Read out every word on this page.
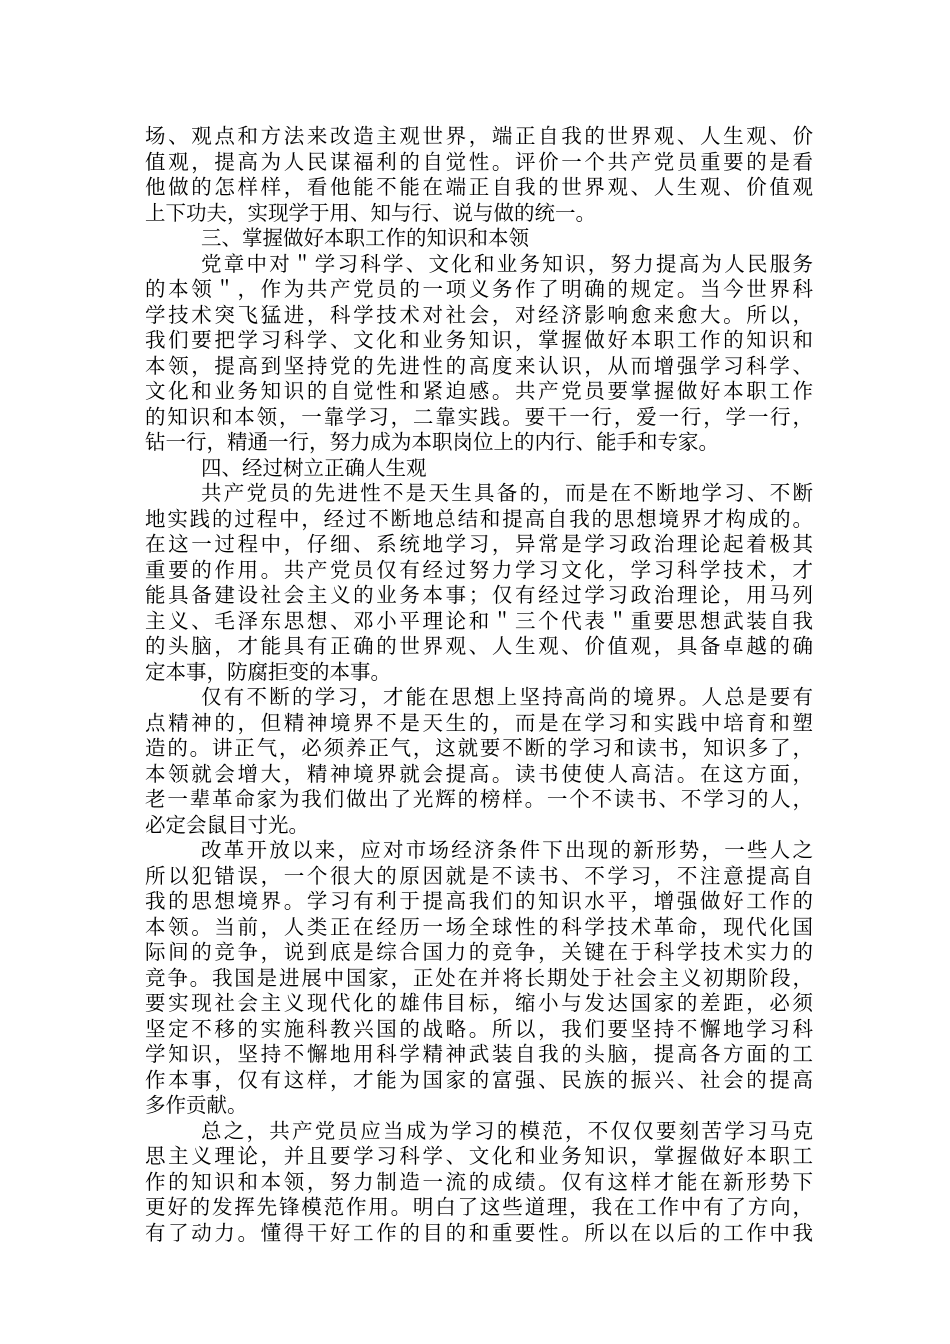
场、观点和方法来改造主观世界，端正自我的世界观、人生观、价
值观，提高为人民谋福利的自觉性。评价一个共产党员重要的是看
他做的怎样样，看他能不能在端正自我的世界观、人生观、价值观
上下功夫，实现学于用、知与行、说与做的统一。
三、掌握做好本职工作的知识和本领
党章中对＂学习科学、文化和业务知识，努力提高为人民服务
的本领＂，作为共产党员的一项义务作了明确的规定。当今世界科
学技术突飞猛进，科学技术对社会，对经济影响愈来愈大。所以，
我们要把学习科学、文化和业务知识，掌握做好本职工作的知识和
本领，提高到坚持党的先进性的高度来认识，从而增强学习科学、
文化和业务知识的自觉性和紧迫感。共产党员要掌握做好本职工作
的知识和本领，一靠学习，二靠实践。要干一行，爱一行，学一行，
钻一行，精通一行，努力成为本职岗位上的内行、能手和专家。
四、经过树立正确人生观
共产党员的先进性不是天生具备的，而是在不断地学习、不断
地实践的过程中，经过不断地总结和提高自我的思想境界才构成的。
在这一过程中，仔细、系统地学习，异常是学习政治理论起着极其
重要的作用。共产党员仅有经过努力学习文化，学习科学技术，才
能具备建设社会主义的业务本事；仅有经过学习政治理论，用马列
主义、毛泽东思想、邓小平理论和＂三个代表＂重要思想武装自我
的头脑，才能具有正确的世界观、人生观、价值观，具备卓越的确
定本事，防腐拒变的本事。
仅有不断的学习，才能在思想上坚持高尚的境界。人总是要有
点精神的，但精神境界不是天生的，而是在学习和实践中培育和塑
造的。讲正气，必须养正气，这就要不断的学习和读书，知识多了，
本领就会增大，精神境界就会提高。读书使使人高洁。在这方面，
老一辈革命家为我们做出了光辉的榜样。一个不读书、不学习的人，
必定会鼠目寸光。
改革开放以来，应对市场经济条件下出现的新形势，一些人之
所以犯错误，一个很大的原因就是不读书、不学习，不注意提高自
我的思想境界。学习有利于提高我们的知识水平，增强做好工作的
本领。当前，人类正在经历一场全球性的科学技术革命，现代化国
际间的竞争，说到底是综合国力的竞争，关键在于科学技术实力的
竞争。我国是进展中国家，正处在并将长期处于社会主义初期阶段，
要实现社会主义现代化的雄伟目标，缩小与发达国家的差距，必须
坚定不移的实施科教兴国的战略。所以，我们要坚持不懈地学习科
学知识，坚持不懈地用科学精神武装自我的头脑，提高各方面的工
作本事，仅有这样，才能为国家的富强、民族的振兴、社会的提高
多作贡献。
总之，共产党员应当成为学习的模范，不仅仅要刻苦学习马克
思主义理论，并且要学习科学、文化和业务知识，掌握做好本职工
作的知识和本领，努力制造一流的成绩。仅有这样才能在新形势下
更好的发挥先锋模范作用。明白了这些道理，我在工作中有了方向，
有了动力。懂得干好工作的目的和重要性。所以在以后的工作中我
